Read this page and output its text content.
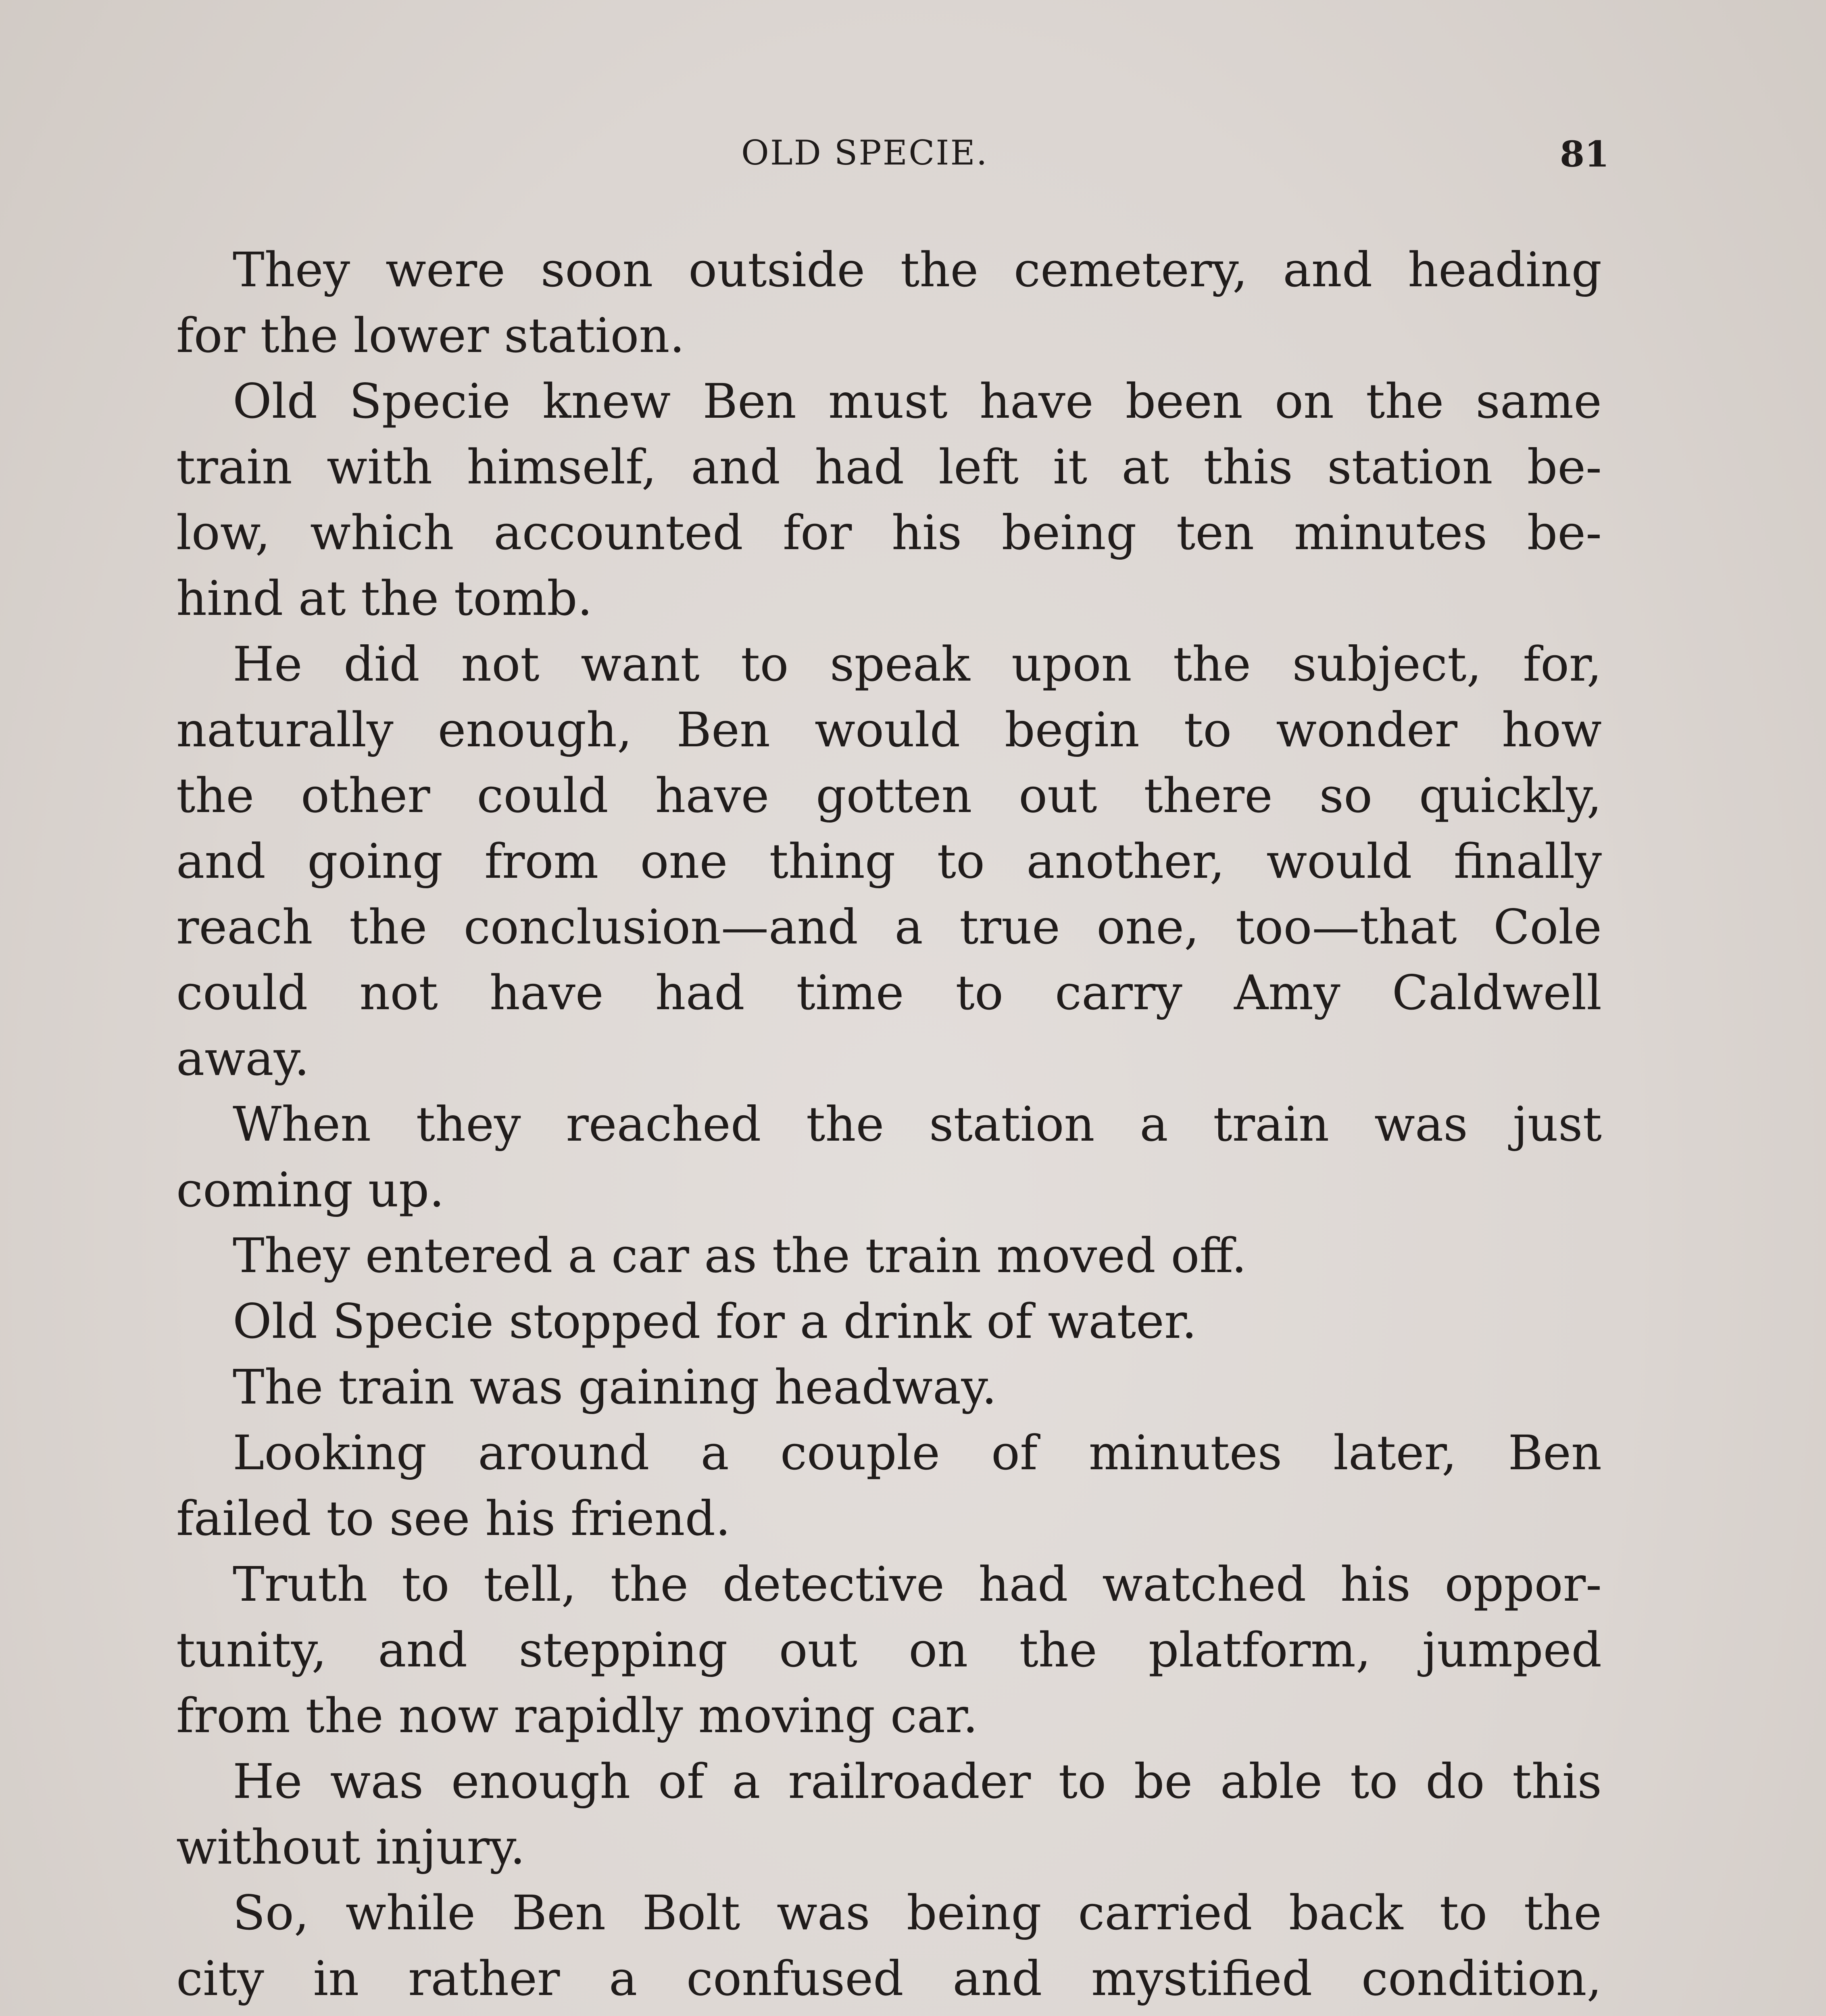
OLD SPECIE.	81
They were soon outside the cemetery, and heading
for the lower station.
Old Specie knew Ben must have been on the same
train with himself, and had left it at this station be-
low, which accounted for his being ten minutes be-
hind at the tomb.
He did not want to speak upon the subject, for,
naturally enough, Ben would begin to wonder how
the other could have gotten out there so quickly,
and going from one thing to another, would finally
reach the conclusion—and a true one, too—that Cole
could not have had time to carry Amy Caldwell
away.
When they reached the station a train was just
coming up.
They entered a car as the train moved off.
Old Specie stopped for a drink of water.
The train was gaining headway.
Looking around a couple of minutes later, Ben
failed to see his friend.
Truth to tell, the detective had watched his oppor-
tunity, and stepping out on the platform, jumped
from the now rapidly moving car.
He was enough of a railroader to be able to do this
without injury.
So, while Ben Bolt was being carried back to the
city in rather a confused and mystified condition,
